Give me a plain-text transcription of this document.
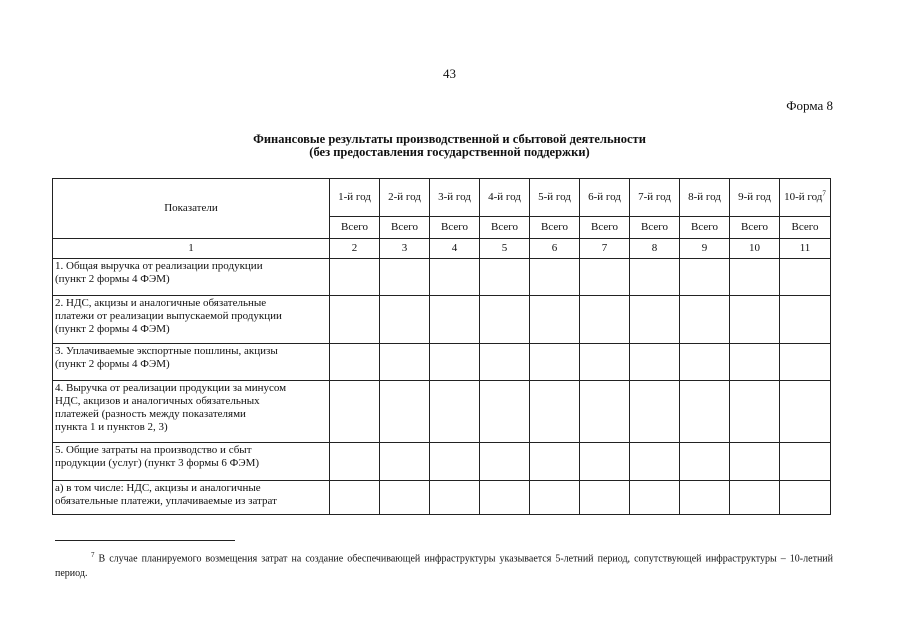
43
Форма 8
Финансовые результаты производственной и сбытовой деятельности
(без предоставления государственной поддержки)
Показатели	1-й год	2-й год	3-й год	4-й год	5-й год	6-й год	7-й год	8-й год	9-й год	10-й год$^7$
	Всего	Всего	Всего	Всего	Всего	Всего	Всего	Всего	Всего	Всего
1	2	3	4	5	6	7	8	9	10	11

1. Общая выручка от реализации продукции
(пункт 2 формы 4 ФЭМ)										

2. НДС, акцизы и аналогичные обязательные
платежи от реализации выпускаемой продукции
(пункт 2 формы 4 ФЭМ)										

3. Уплачиваемые экспортные пошлины, акцизы
(пункт 2 формы 4 ФЭМ)										

4. Выручка от реализации продукции за минусом
НДС, акцизов и аналогичных обязательных
платежей (разность между показателями
пункта 1 и пунктов 2, 3)										

5. Общие затраты на производство и сбыт
продукции (услуг) (пункт 3 формы 6 ФЭМ)										

а) в том числе: НДС, акцизы и аналогичные
обязательные платежи, уплачиваемые из затрат										

$^7$ В случае планируемого возмещения затрат на создание обеспечивающей инфраструктуры указывается 5-летний период, сопутствующей инфраструктуры – 10-летний период.
